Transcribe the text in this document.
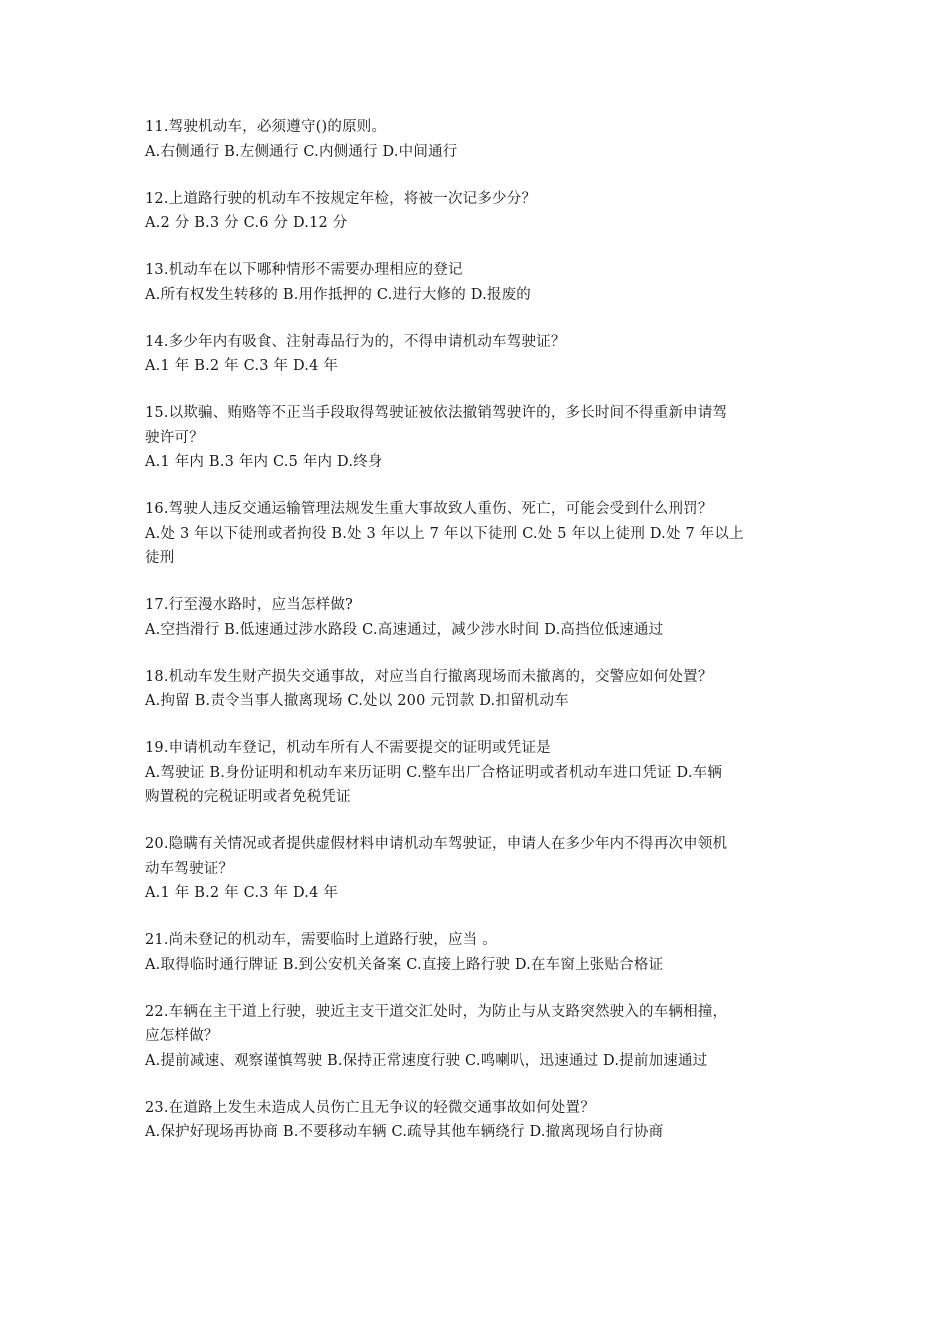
11.驾驶机动车，必须遵守()的原则。
A.右侧通行 B.左侧通行 C.内侧通行 D.中间通行
12.上道路行驶的机动车不按规定年检，将被一次记多少分？
A.2 分 B.3 分 C.6 分 D.12 分
13.机动车在以下哪种情形不需要办理相应的登记
A.所有权发生转移的 B.用作抵押的 C.进行大修的 D.报废的
14.多少年内有吸食、注射毒品行为的，不得申请机动车驾驶证？
A.1 年 B.2 年 C.3 年 D.4 年
15.以欺骗、贿赂等不正当手段取得驾驶证被依法撤销驾驶许的，多长时间不得重新申请驾
驶许可？
A.1 年内 B.3 年内 C.5 年内 D.终身
16.驾驶人违反交通运输管理法规发生重大事故致人重伤、死亡，可能会受到什么刑罚？
A.处 3 年以下徒刑或者拘役 B.处 3 年以上 7 年以下徒刑 C.处 5 年以上徒刑 D.处 7 年以上
徒刑
17.行至漫水路时，应当怎样做?
A.空挡滑行 B.低速通过涉水路段 C.高速通过，减少涉水时间 D.高挡位低速通过
18.机动车发生财产损失交通事故，对应当自行撤离现场而未撤离的，交警应如何处置？
A.拘留 B.责令当事人撤离现场 C.处以 200 元罚款 D.扣留机动车
19.申请机动车登记，机动车所有人不需要提交的证明或凭证是
A.驾驶证 B.身份证明和机动车来历证明 C.整车出厂合格证明或者机动车进口凭证 D.车辆
购置税的完税证明或者免税凭证
20.隐瞒有关情况或者提供虚假材料申请机动车驾驶证，申请人在多少年内不得再次申领机
动车驾驶证？
A.1 年 B.2 年 C.3 年 D.4 年
21.尚未登记的机动车，需要临时上道路行驶，应当 。
A.取得临时通行牌证 B.到公安机关备案 C.直接上路行驶 D.在车窗上张贴合格证
22.车辆在主干道上行驶，驶近主支干道交汇处时，为防止与从支路突然驶入的车辆相撞，
应怎样做？
A.提前减速、观察谨慎驾驶 B.保持正常速度行驶 C.鸣喇叭，迅速通过 D.提前加速通过
23.在道路上发生未造成人员伤亡且无争议的轻微交通事故如何处置？
A.保护好现场再协商 B.不要移动车辆 C.疏导其他车辆绕行 D.撤离现场自行协商
